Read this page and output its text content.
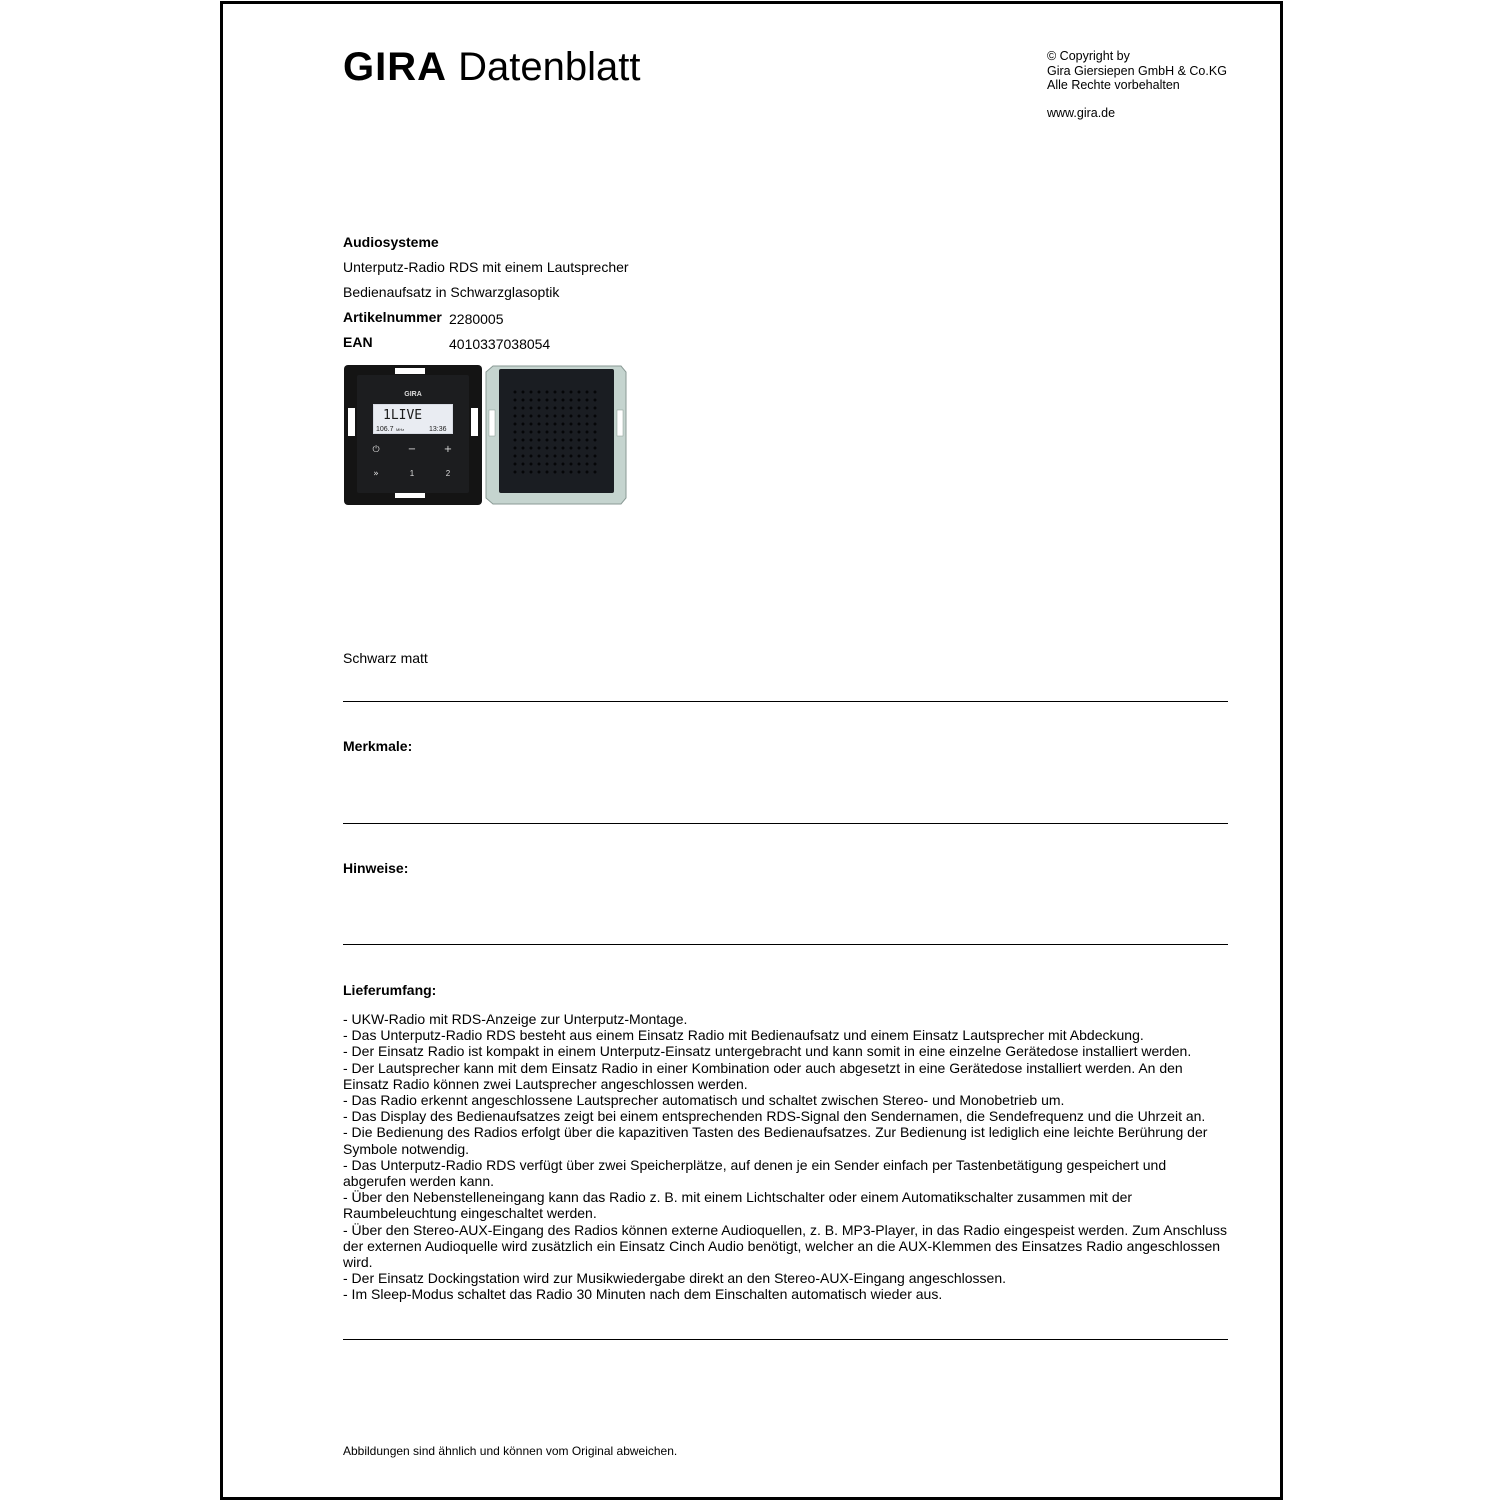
GIRA Datenblatt	© Copyright by
Gira Giersiepen GmbH & Co.KG
Alle Rechte vorbehalten
www.gira.de
Audiosysteme
Unterputz-Radio RDS mit einem Lautsprecher
Bedienaufsatz in Schwarzglasoptik
Artikelnummer 2280005
EAN	4010337038054
GIRA
1LIVE
106.7 MHz	13:36
⏻	−	+
»	1	2
Schwarz matt
Merkmale:
Hinweise:
Lieferumfang:
- UKW-Radio mit RDS-Anzeige zur Unterputz-Montage.
- Das Unterputz-Radio RDS besteht aus einem Einsatz Radio mit Bedienaufsatz und einem Einsatz Lautsprecher mit Abdeckung.
- Der Einsatz Radio ist kompakt in einem Unterputz-Einsatz untergebracht und kann somit in eine einzelne Gerätedose installiert werden.
- Der Lautsprecher kann mit dem Einsatz Radio in einer Kombination oder auch abgesetzt in eine Gerätedose installiert werden. An den Einsatz Radio können zwei Lautsprecher angeschlossen werden.
- Das Radio erkennt angeschlossene Lautsprecher automatisch und schaltet zwischen Stereo- und Monobetrieb um.
- Das Display des Bedienaufsatzes zeigt bei einem entsprechenden RDS-Signal den Sendernamen, die Sendefrequenz und die Uhrzeit an.
- Die Bedienung des Radios erfolgt über die kapazitiven Tasten des Bedienaufsatzes. Zur Bedienung ist lediglich eine leichte Berührung der Symbole notwendig.
- Das Unterputz-Radio RDS verfügt über zwei Speicherplätze, auf denen je ein Sender einfach per Tastenbetätigung gespeichert und abgerufen werden kann.
- Über den Nebenstelleneingang kann das Radio z. B. mit einem Lichtschalter oder einem Automatikschalter zusammen mit der Raumbeleuchtung eingeschaltet werden.
- Über den Stereo-AUX-Eingang des Radios können externe Audioquellen, z. B. MP3-Player, in das Radio eingespeist werden. Zum Anschluss der externen Audioquelle wird zusätzlich ein Einsatz Cinch Audio benötigt, welcher an die AUX-Klemmen des Einsatzes Radio angeschlossen wird.
- Der Einsatz Dockingstation wird zur Musikwiedergabe direkt an den Stereo-AUX-Eingang angeschlossen.
- Im Sleep-Modus schaltet das Radio 30 Minuten nach dem Einschalten automatisch wieder aus.
Abbildungen sind ähnlich und können vom Original abweichen.
